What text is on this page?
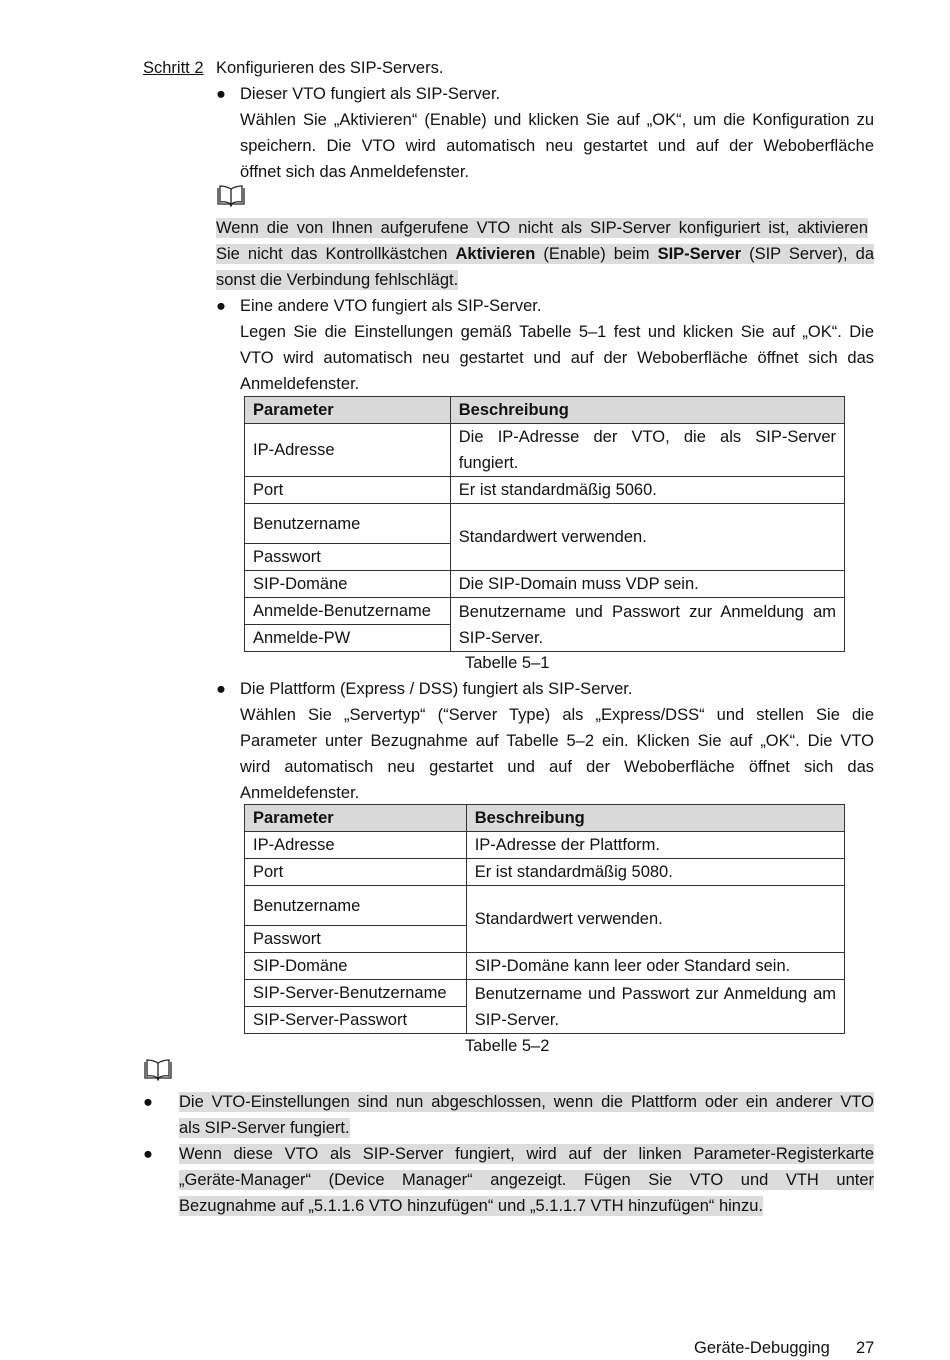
Schritt 2 Konfigurieren des SIP-Servers.
● Dieser VTO fungiert als SIP-Server.
Wählen Sie „Aktivieren“ (Enable) und klicken Sie auf „OK“, um die Konfiguration zu
speichern. Die VTO wird automatisch neu gestartet und auf der Weboberfläche
öffnet sich das Anmeldefenster.
Wenn die von Ihnen aufgerufene VTO nicht als SIP-Server konfiguriert ist, aktivieren
Sie nicht das Kontrollkästchen Aktivieren (Enable) beim SIP-Server (SIP Server), da
sonst die Verbindung fehlschlägt.
● Eine andere VTO fungiert als SIP-Server.
Legen Sie die Einstellungen gemäß Tabelle 5–1 fest und klicken Sie auf „OK“. Die
VTO wird automatisch neu gestartet und auf der Weboberfläche öffnet sich das
Anmeldefenster.
Parameter	Beschreibung
IP-Adresse	Die IP-Adresse der VTO, die als SIP-Server fungiert.
Port	Er ist standardmäßig 5060.
Benutzername	Standardwert verwenden.
Passwort	
SIP-Domäne	Die SIP-Domain muss VDP sein.
Anmelde-Benutzername	Benutzername und Passwort zur Anmeldung am SIP-Server.
Anmelde-PW	
Tabelle 5–1
● Die Plattform (Express / DSS) fungiert als SIP-Server.
Wählen Sie „Servertyp“ (“Server Type) als „Express/DSS“ und stellen Sie die
Parameter unter Bezugnahme auf Tabelle 5–2 ein. Klicken Sie auf „OK“. Die VTO
wird automatisch neu gestartet und auf der Weboberfläche öffnet sich das
Anmeldefenster.
Parameter	Beschreibung
IP-Adresse	IP-Adresse der Plattform.
Port	Er ist standardmäßig 5080.
Benutzername	Standardwert verwenden.
Passwort	
SIP-Domäne	SIP-Domäne kann leer oder Standard sein.
SIP-Server-Benutzername	Benutzername und Passwort zur Anmeldung am SIP-Server.
SIP-Server-Passwort	
Tabelle 5–2
● Die VTO-Einstellungen sind nun abgeschlossen, wenn die Plattform oder ein anderer VTO
als SIP-Server fungiert.
● Wenn diese VTO als SIP-Server fungiert, wird auf der linken Parameter-Registerkarte
„Geräte-Manager“ (Device Manager“ angezeigt. Fügen Sie VTO und VTH unter
Bezugnahme auf „5.1.1.6 VTO hinzufügen“ und „5.1.1.7 VTH hinzufügen“ hinzu.
Geräte-Debugging 27
